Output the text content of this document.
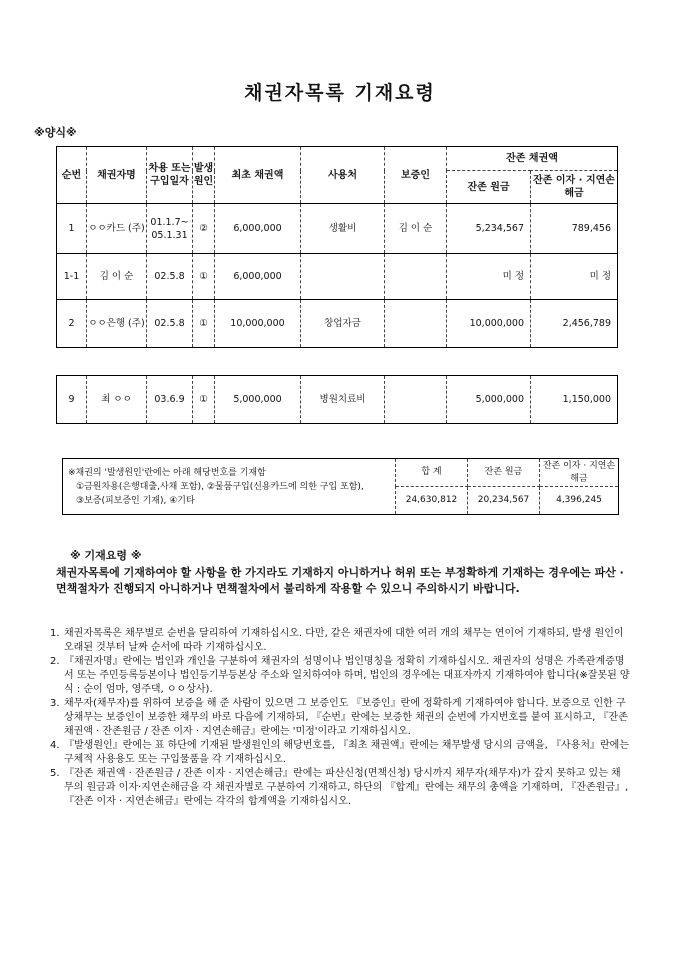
채권자목록 기재요령
※양식※
순번	채권자명	차용 또는 구입일자	발생원인	최초 채권액	사용처	보증인	잔존 채권액	
							잔존 원금	잔존 이자 · 지연손해금
1	ㅇㅇ카드 (주)	01.1.7~ 05.1.31	②	6,000,000	생활비	김 이 순	5,234,567	789,456
1-1	김 이 순	02.5.8	①	6,000,000			미 정	미 정
2	ㅇㅇ은행 (주)	02.5.8	①	10,000,000	창업자금		10,000,000	2,456,789
9	최 ㅇㅇ	03.6.9	①	5,000,000	병원치료비		5,000,000	1,150,000
※채권의 '발생원인'란에는 아래 해당번호를 기재함
①금원차용(은행대출,사채 포함), ②물품구입(신용카드에 의한 구입 포함),
③보증(피보증인 기재), ④기타	합 계	잔존 원금	잔존 이자 · 지연손해금
	24,630,812	20,234,567	4,396,245
※ 기재요령 ※
채권자목록에 기재하여야 할 사항을 한 가지라도 기재하지 아니하거나 허위 또는 부정확하게 기재하는 경우에는 파산 · 면책절차가 진행되지 아니하거나 면책절차에서 불리하게 작용할 수 있으니 주의하시기 바랍니다.
1. 채권자목록은 채무별로 순번을 달리하여 기재하십시오. 다만, 같은 채권자에 대한 여러 개의 채무는 연이어 기재하되, 발생 원인이 오래된 것부터 날짜 순서에 따라 기재하십시오.
2. 『채권자명』란에는 법인과 개인을 구분하여 채권자의 성명이나 법인명칭을 정확히 기재하십시오. 채권자의 성명은 가족관계증명서 또는 주민등록등본이나 법인등기부등본상 주소와 일치하여야 하며, 법인의 경우에는 대표자까지 기재하여야 합니다(※잘못된 양식 : 순이 엄마, 영주댁, ㅇㅇ상사).
3. 채무자(채무자)를 위하여 보증을 해 준 사람이 있으면 그 보증인도 『보증인』란에 정확하게 기재하여야 합니다. 보증으로 인한 구상채무는 보증인이 보증한 채무의 바로 다음에 기재하되, 『순번』란에는 보증한 채권의 순번에 가지번호를 붙여 표시하고, 『잔존채권액 · 잔존원금 / 잔존 이자 · 지연손해금』란에는 '미정'이라고 기재하십시오.
4. 『발생원인』란에는 표 하단에 기재된 발생원인의 해당번호를, 『최초 채권액』란에는 채무발생 당시의 금액을, 『사용처』란에는 구체적 사용용도 또는 구입물품을 각 기재하십시오.
5. 『잔존 채권액 · 잔존원금 / 잔존 이자 · 지연손해금』란에는 파산신청(면책신청) 당시까지 채무자(채무자)가 갚지 못하고 있는 채무의 원금과 이자·지연손해금을 각 채권자별로 구분하여 기재하고, 하단의 『합계』란에는 채무의 총액을 기재하며, 『잔존원금』, 『잔존 이자 · 지연손해금』란에는 각각의 합계액을 기재하십시오.
